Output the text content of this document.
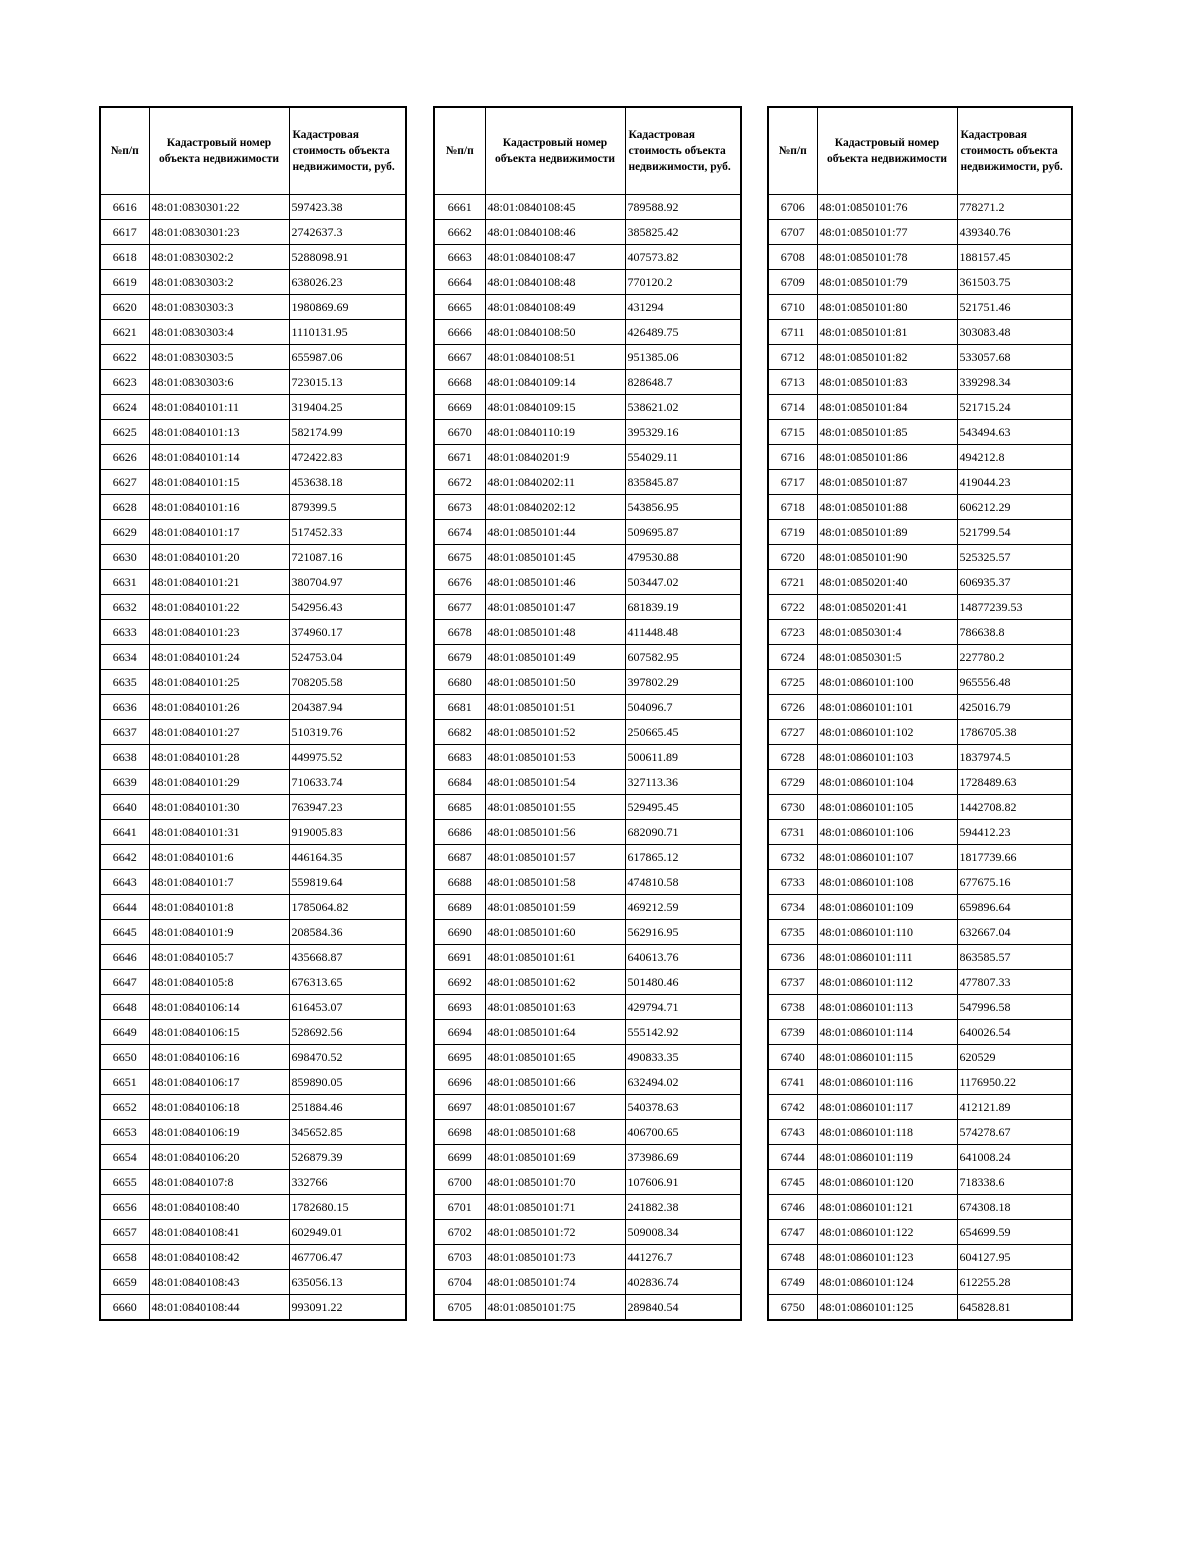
№п/п	Кадастровый номер объекта недвижимости	Кадастровая стоимость объекта недвижимости, руб.
6616	48:01:0830301:22	597423.38
6617	48:01:0830301:23	2742637.3
6618	48:01:0830302:2	5288098.91
6619	48:01:0830303:2	638026.23
6620	48:01:0830303:3	1980869.69
6621	48:01:0830303:4	1110131.95
6622	48:01:0830303:5	655987.06
6623	48:01:0830303:6	723015.13
6624	48:01:0840101:11	319404.25
6625	48:01:0840101:13	582174.99
6626	48:01:0840101:14	472422.83
6627	48:01:0840101:15	453638.18
6628	48:01:0840101:16	879399.5
6629	48:01:0840101:17	517452.33
6630	48:01:0840101:20	721087.16
6631	48:01:0840101:21	380704.97
6632	48:01:0840101:22	542956.43
6633	48:01:0840101:23	374960.17
6634	48:01:0840101:24	524753.04
6635	48:01:0840101:25	708205.58
6636	48:01:0840101:26	204387.94
6637	48:01:0840101:27	510319.76
6638	48:01:0840101:28	449975.52
6639	48:01:0840101:29	710633.74
6640	48:01:0840101:30	763947.23
6641	48:01:0840101:31	919005.83
6642	48:01:0840101:6	446164.35
6643	48:01:0840101:7	559819.64
6644	48:01:0840101:8	1785064.82
6645	48:01:0840101:9	208584.36
6646	48:01:0840105:7	435668.87
6647	48:01:0840105:8	676313.65
6648	48:01:0840106:14	616453.07
6649	48:01:0840106:15	528692.56
6650	48:01:0840106:16	698470.52
6651	48:01:0840106:17	859890.05
6652	48:01:0840106:18	251884.46
6653	48:01:0840106:19	345652.85
6654	48:01:0840106:20	526879.39
6655	48:01:0840107:8	332766
6656	48:01:0840108:40	1782680.15
6657	48:01:0840108:41	602949.01
6658	48:01:0840108:42	467706.47
6659	48:01:0840108:43	635056.13
6660	48:01:0840108:44	993091.22
№п/п	Кадастровый номер объекта недвижимости	Кадастровая стоимость объекта недвижимости, руб.
6661	48:01:0840108:45	789588.92
6662	48:01:0840108:46	385825.42
6663	48:01:0840108:47	407573.82
6664	48:01:0840108:48	770120.2
6665	48:01:0840108:49	431294
6666	48:01:0840108:50	426489.75
6667	48:01:0840108:51	951385.06
6668	48:01:0840109:14	828648.7
6669	48:01:0840109:15	538621.02
6670	48:01:0840110:19	395329.16
6671	48:01:0840201:9	554029.11
6672	48:01:0840202:11	835845.87
6673	48:01:0840202:12	543856.95
6674	48:01:0850101:44	509695.87
6675	48:01:0850101:45	479530.88
6676	48:01:0850101:46	503447.02
6677	48:01:0850101:47	681839.19
6678	48:01:0850101:48	411448.48
6679	48:01:0850101:49	607582.95
6680	48:01:0850101:50	397802.29
6681	48:01:0850101:51	504096.7
6682	48:01:0850101:52	250665.45
6683	48:01:0850101:53	500611.89
6684	48:01:0850101:54	327113.36
6685	48:01:0850101:55	529495.45
6686	48:01:0850101:56	682090.71
6687	48:01:0850101:57	617865.12
6688	48:01:0850101:58	474810.58
6689	48:01:0850101:59	469212.59
6690	48:01:0850101:60	562916.95
6691	48:01:0850101:61	640613.76
6692	48:01:0850101:62	501480.46
6693	48:01:0850101:63	429794.71
6694	48:01:0850101:64	555142.92
6695	48:01:0850101:65	490833.35
6696	48:01:0850101:66	632494.02
6697	48:01:0850101:67	540378.63
6698	48:01:0850101:68	406700.65
6699	48:01:0850101:69	373986.69
6700	48:01:0850101:70	107606.91
6701	48:01:0850101:71	241882.38
6702	48:01:0850101:72	509008.34
6703	48:01:0850101:73	441276.7
6704	48:01:0850101:74	402836.74
6705	48:01:0850101:75	289840.54
№п/п	Кадастровый номер объекта недвижимости	Кадастровая стоимость объекта недвижимости, руб.
6706	48:01:0850101:76	778271.2
6707	48:01:0850101:77	439340.76
6708	48:01:0850101:78	188157.45
6709	48:01:0850101:79	361503.75
6710	48:01:0850101:80	521751.46
6711	48:01:0850101:81	303083.48
6712	48:01:0850101:82	533057.68
6713	48:01:0850101:83	339298.34
6714	48:01:0850101:84	521715.24
6715	48:01:0850101:85	543494.63
6716	48:01:0850101:86	494212.8
6717	48:01:0850101:87	419044.23
6718	48:01:0850101:88	606212.29
6719	48:01:0850101:89	521799.54
6720	48:01:0850101:90	525325.57
6721	48:01:0850201:40	606935.37
6722	48:01:0850201:41	14877239.53
6723	48:01:0850301:4	786638.8
6724	48:01:0850301:5	227780.2
6725	48:01:0860101:100	965556.48
6726	48:01:0860101:101	425016.79
6727	48:01:0860101:102	1786705.38
6728	48:01:0860101:103	1837974.5
6729	48:01:0860101:104	1728489.63
6730	48:01:0860101:105	1442708.82
6731	48:01:0860101:106	594412.23
6732	48:01:0860101:107	1817739.66
6733	48:01:0860101:108	677675.16
6734	48:01:0860101:109	659896.64
6735	48:01:0860101:110	632667.04
6736	48:01:0860101:111	863585.57
6737	48:01:0860101:112	477807.33
6738	48:01:0860101:113	547996.58
6739	48:01:0860101:114	640026.54
6740	48:01:0860101:115	620529
6741	48:01:0860101:116	1176950.22
6742	48:01:0860101:117	412121.89
6743	48:01:0860101:118	574278.67
6744	48:01:0860101:119	641008.24
6745	48:01:0860101:120	718338.6
6746	48:01:0860101:121	674308.18
6747	48:01:0860101:122	654699.59
6748	48:01:0860101:123	604127.95
6749	48:01:0860101:124	612255.28
6750	48:01:0860101:125	645828.81
